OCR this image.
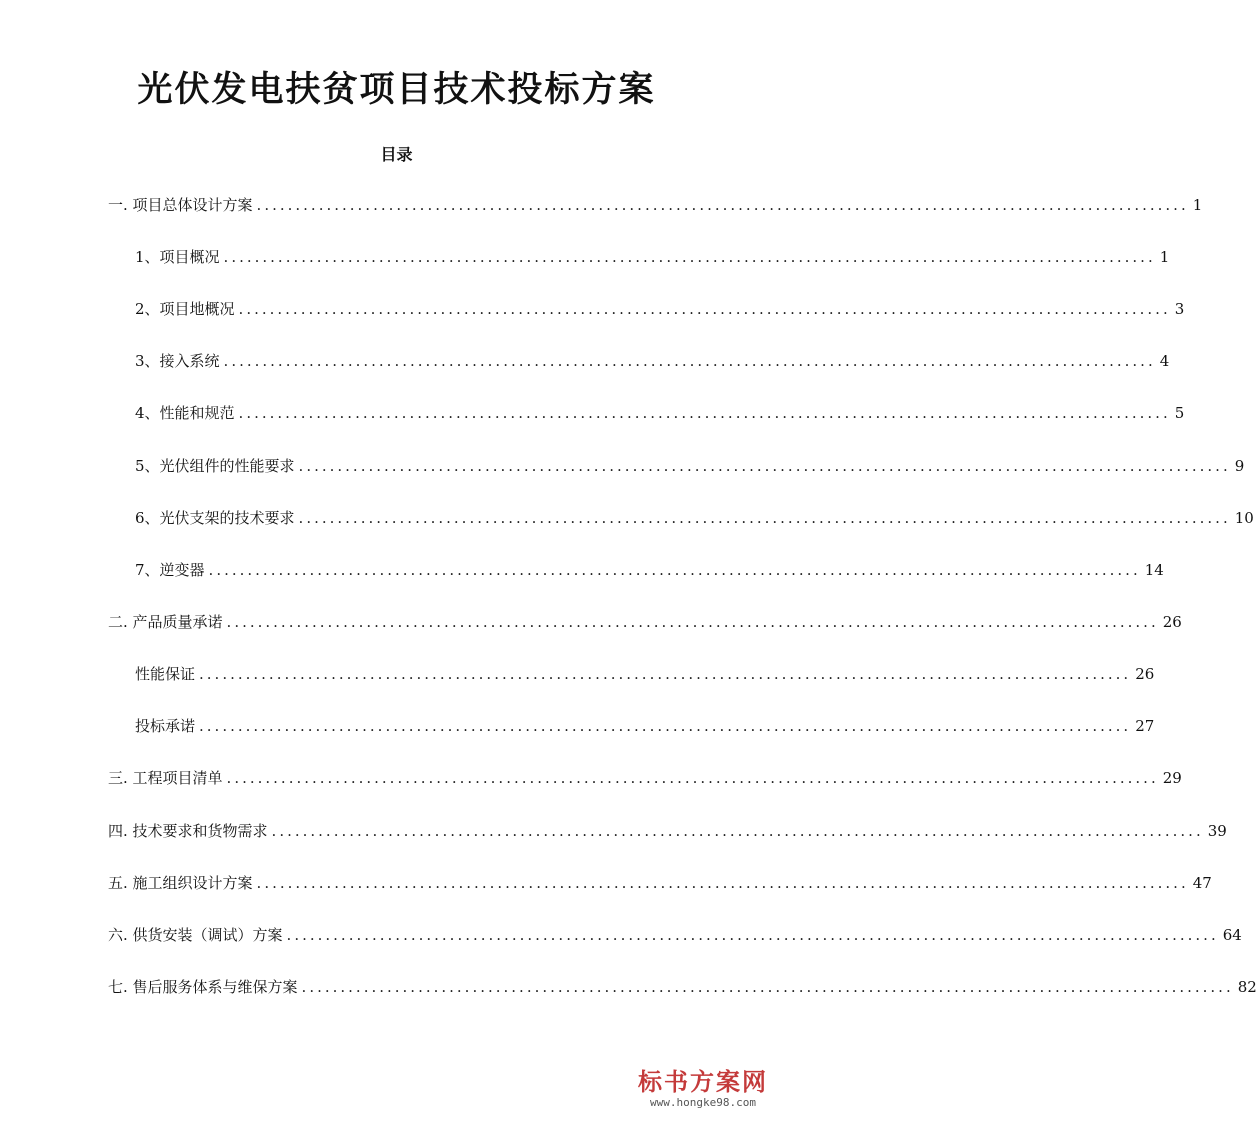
光伏发电扶贫项目技术投标方案
目录
一. 项目总体设计方案 ........................................................................................................................ 1
1、项目概况 ........................................................................................................................ 1
2、项目地概况 ........................................................................................................................ 3
3、接入系统 ........................................................................................................................ 4
4、性能和规范 ........................................................................................................................ 5
5、光伏组件的性能要求 ........................................................................................................................ 9
6、光伏支架的技术要求 ........................................................................................................................ 10
7、逆变器 ........................................................................................................................ 14
二. 产品质量承诺 ........................................................................................................................ 26
性能保证 ........................................................................................................................ 26
投标承诺 ........................................................................................................................ 27
三. 工程项目清单 ........................................................................................................................ 29
四. 技术要求和货物需求 ........................................................................................................................ 39
五. 施工组织设计方案 ........................................................................................................................ 47
六. 供货安装（调试）方案 ........................................................................................................................ 64
七. 售后服务体系与维保方案 ........................................................................................................................ 82
标书方案网
www.hongke98.com
